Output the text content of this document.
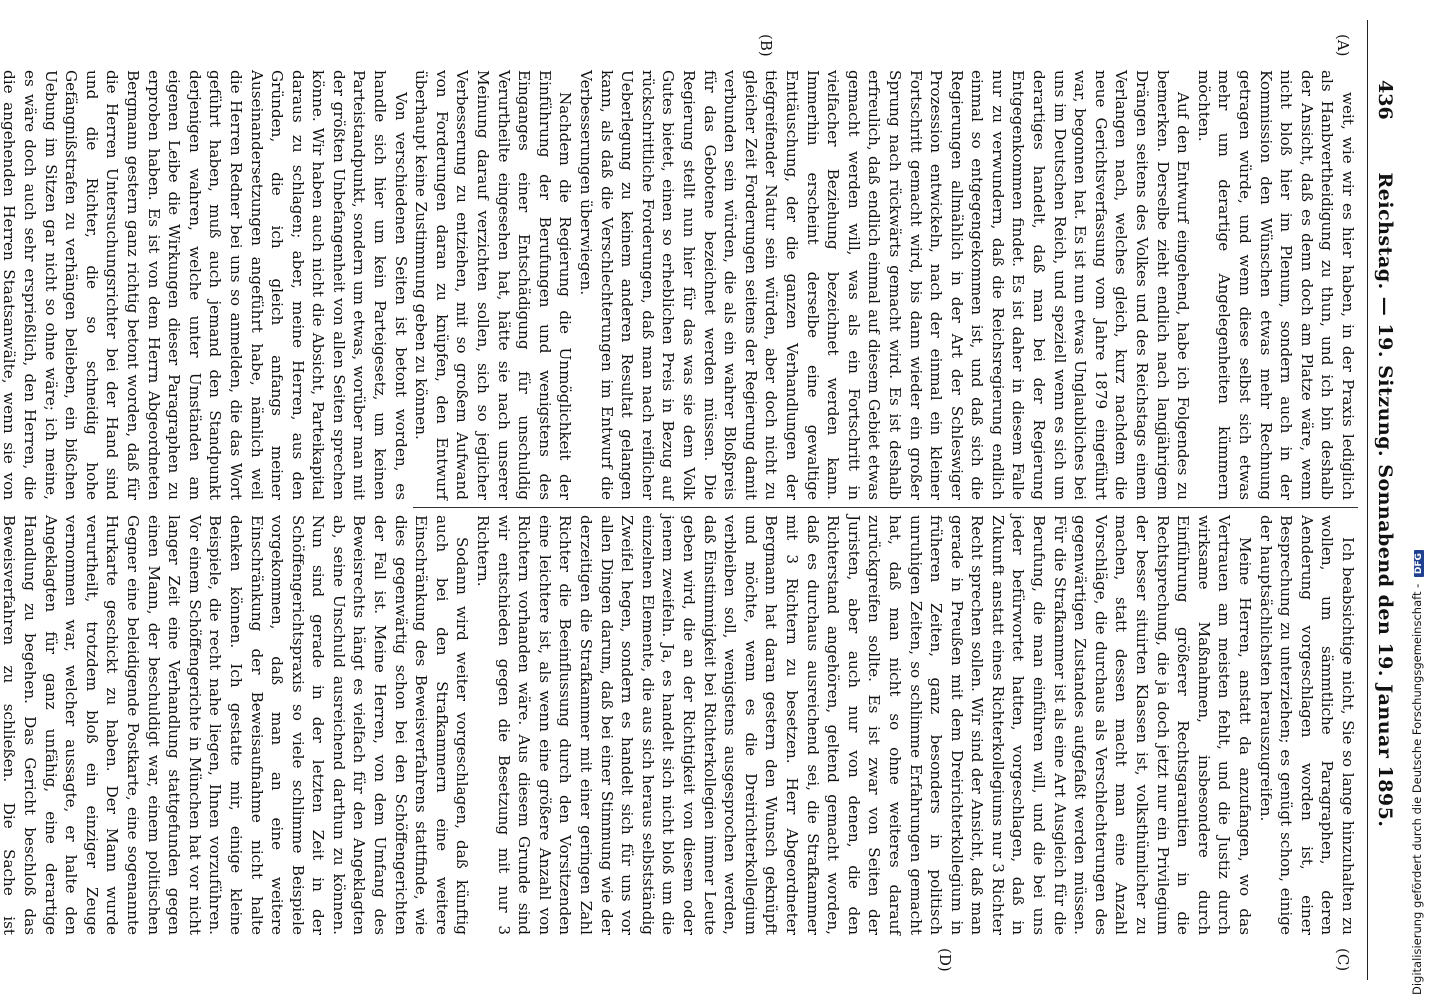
436
Reichstag. — 19. Sitzung. Sonnabend den 19. Januar 1895.
(A)
(B)
(C)
(D)

weit, wie wir es hier haben, in der Praxis lediglich als Hanbvertheidigung zu thun, und ich bin deshalb der Ansicht, daß es denn doch am Platze wäre, wenn nicht bloß hier im Plenum, sondern auch in der Kommission den Wünschen etwas mehr Rechnung getragen würde, und wenn diese selbst sich etwas mehr um derartige Angelegenheiten kümmern möchten.

Auf den Entwurf eingehend, habe ich Folgendes zu bemerken. Derselbe zieht endlich nach langjährigem Drängen seitens des Volkes und des Reichstags einem Verlangen nach, welches gleich, kurz nachdem die neue Gerichtsverfassung vom Jahre 1879 eingeführt war, begonnen hat. Es ist nun etwas Unglaubliches bei uns im Deutschen Reich, und speziell wenn es sich um derartiges handelt, daß man bei der Regierung Entgegenkommen findet. Es ist daher in diesem Falle nur zu verwundern, daß die Reichsregierung endlich einmal so entgegengekommen ist, und daß sich die Regierungen allmählich in der Art der Schleswiger Prozession entwickeln, nach der einmal ein kleiner Fortschritt gemacht wird, bis dann wieder ein großer Sprung nach rückwärts gemacht wird. Es ist deshalb erfreulich, daß endlich einmal auf diesem Gebiet etwas gemacht werden will, was als ein Fortschritt in vielfacher Beziehung bezeichnet werden kann. Immerhin erscheint derselbe eine gewaltige Enttäuschung, der die ganzen Verhandlungen der tiefgreifender Natur sein würden, aber doch nicht zu gleicher Zeit Forderungen seitens der Regierung damit verbunden sein würden, die als ein wahrer Bloßpreis für das Gebotene bezeichnet werden müssen. Die Regierung stellt nun hier für das was sie dem Volk Gutes bietet, einen so erheblichen Preis in Bezug auf rückschrittliche Forderungen, daß man nach reiflicher Ueberlegung zu keinem anderen Resultat gelangen kann, als daß die Verschlechterungen im Entwurf die Verbesserungen überwiegen.

Nachdem die Regierung die Unmöglichkeit der Einführung der Berufungen und wenigstens des Einganges einer Entschädigung für unschuldig Verurtheilte eingesehen hat, hätte sie nach unserer Meinung darauf verzichten sollen, sich so jeglicher Verbesserung zu entziehen, mit so großem Aufwand von Forderungen daran zu knüpfen, den Entwurf überhaupt keine Zustimmung geben zu können.

Von verschiedenen Seiten ist betont worden, es handle sich hier um kein Parteigesetz, um keinen Parteistandpunkt, sondern um etwas, worüber man mit der größten Unbefangenheit von allen Seiten sprechen könne. Wir haben auch nicht die Absicht, Parteikapital daraus zu schlagen; aber, meine Herren, aus den Gründen, die ich gleich anfangs meiner Auseinandersetzungen angeführt habe, nämlich weil die Herren Redner bei uns so anmelden, die das Wort geführt haben, muß auch jemand den Standpunkt derjenigen wahren, welche unter Umständen am eigenen Leibe die Wirkungen dieser Paragraphen zu erproben haben. Es ist von dem Herrn Abgeordneten Bergmann gestern ganz richtig betont worden, daß für die Herren Untersuchungsrichter bei der Hand sind und die Richter, die so schneidig hohe Gefängnißstrafen zu verhängen belieben, ein bißchen Uebung im Sitzen gar nicht so ohne wäre; ich meine, es wäre doch auch sehr ersprießlich, den Herren, die die angehenden Herren Staatsanwälte, wenn sie von

Ich beabsichtige nicht, Sie so lange hinzuhalten zu wollen, um sämmtliche Paragraphen, deren Aenderung vorgeschlagen worden ist, einer Besprechung zu unterziehen; es genügt schon, einige der hauptsächlichsten herauszugreifen.

Meine Herren, anstatt da anzufangen, wo das Vertrauen am meisten fehlt, und die Justiz durch wirksame Maßnahmen, insbesondere durch Einführung größerer Rechtsgarantien in die Rechtsprechung, die ja doch jetzt nur ein Privilegium der besser situirten Klassen ist, volksthümlicher zu machen, statt dessen macht man eine Anzahl Vorschläge, die durchaus als Verschlechterungen des gegenwärtigen Zustandes aufgefaßt werden müssen. Für die Strafkammer ist als eine Art Ausgleich für die Berufung, die man einführen will, und die bei uns jeder befürwortet hatten, vorgeschlagen, daß in Zukunft anstatt eines Richterkollegiums nur 3 Richter Recht sprechen sollen. Wir sind der Ansicht, daß man gerade in Preußen mit dem Dreirichterkollegium in früheren Zeiten, ganz besonders in politisch unruhigen Zeiten, so schlimme Erfahrungen gemacht hat, daß man nicht so ohne weiteres darauf zurückgreifen sollte. Es ist zwar von Seiten der Juristen, aber auch nur von denen, die den Richterstand angehören, geltend gemacht worden, daß es durchaus ausreichend sei, die Strafkammer mit 3 Richtern zu besetzen. Herr Abgeordneter Bergmann hat daran gestern den Wunsch geknüpft und möchte, wenn es die Dreirichterkollegium verbleiben soll, wenigstens ausgesprochen werden, daß Einstimmigkeit bei Richterkollegien immer Leute geben wird, die an der Richtigkeit von diesem oder jenem zweifeln. Ja, es handelt sich nicht bloß um die einzelnen Elemente, die aus sich heraus selbstständig Zweifel hegen, sondern es handelt sich für uns vor allen Dingen darum, daß bei einer Stimmung wie der derzeitigen die Strafkammer mit einer geringen Zahl Richter die Beeinflussung durch den Vorsitzenden eine leichtere ist, als wenn eine größere Anzahl von Richtern vorhanden wäre. Aus diesem Grunde sind wir entschieden gegen die Besetzung mit nur 3 Richtern.

Sodann wird weiter vorgeschlagen, daß künftig auch bei den Strafkammern eine weitere Einschränkung des Beweisverfahrens stattfinde, wie dies gegenwärtig schon bei den Schöffengerichten der Fall ist. Meine Herren, von dem Umfang des Beweisrechts hängt es vielfach für den Angeklagten ab, seine Unschuld ausreichend darthun zu können. Nun sind gerade in der letzten Zeit in der Schöffengerichtspraxis so viele schlimme Beispiele vorgekommen, daß man an eine weitere Einschränkung der Beweisaufnahme nicht halte denken können. Ich gestatte mir, einige kleine Beispiele, die recht nahe liegen, Ihnen vorzuführen. Vor einem Schöffengerichte in München hat vor nicht langer Zeit eine Verhandlung stattgefunden gegen einen Mann, der beschuldigt war, einem politischen Gegner eine beleidigende Postkarte, eine sogenannte Hurkarte geschickt zu haben. Der Mann wurde verurtheilt, trotzdem bloß ein einziger Zeuge vernommen war, welcher aussagte, er halte den Angeklagten für ganz unfähig, eine derartige Handlung zu begehen. Das Gericht beschloß das Beweisverfahren zu schließen. Die Sache ist	Digitalisierung gefördert durch die Deutsche Forschungsgemeinschaft - DFG
